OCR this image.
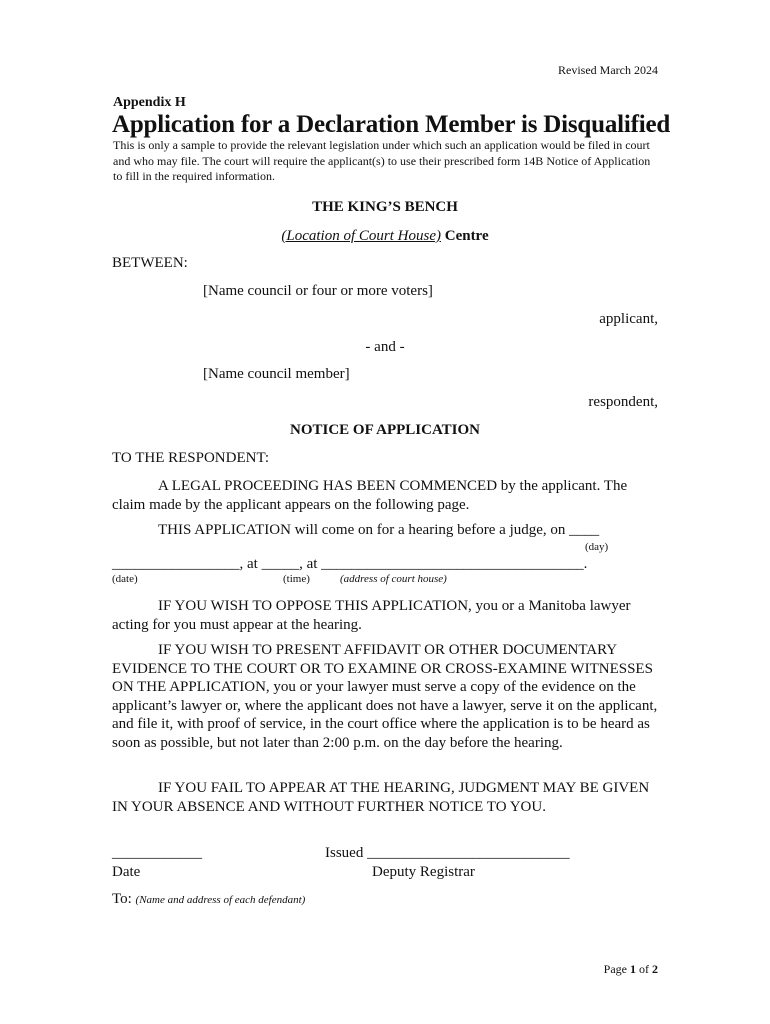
Revised March 2024
Appendix H
Application for a Declaration Member is Disqualified
This is only a sample to provide the relevant legislation under which such an application would be filed in court and who may file. The court will require the applicant(s) to use their prescribed form 14B Notice of Application to fill in the required information.
THE KING’S BENCH
(Location of Court House) Centre
BETWEEN:
[Name council or four or more voters]
applicant,
- and -
[Name council member]
respondent,
NOTICE OF APPLICATION
TO THE RESPONDENT:
A LEGAL PROCEEDING HAS BEEN COMMENCED by the applicant. The claim made by the applicant appears on the following page.
THIS APPLICATION will come on for a hearing before a judge, on ____
(day)
_________________, at _____, at ___________________________________.
(date)	(time)	(address of court house)
IF YOU WISH TO OPPOSE THIS APPLICATION, you or a Manitoba lawyer acting for you must appear at the hearing.
IF YOU WISH TO PRESENT AFFIDAVIT OR OTHER DOCUMENTARY EVIDENCE TO THE COURT OR TO EXAMINE OR CROSS-EXAMINE WITNESSES ON THE APPLICATION, you or your lawyer must serve a copy of the evidence on the applicant’s lawyer or, where the applicant does not have a lawyer, serve it on the applicant, and file it, with proof of service, in the court office where the application is to be heard as soon as possible, but not later than 2:00 p.m. on the day before the hearing.
IF YOU FAIL TO APPEAR AT THE HEARING, JUDGMENT MAY BE GIVEN IN YOUR ABSENCE AND WITHOUT FURTHER NOTICE TO YOU.
____________
Date
Issued ___________________________
Deputy Registrar
To: (Name and address of each defendant)
Page 1 of 2
